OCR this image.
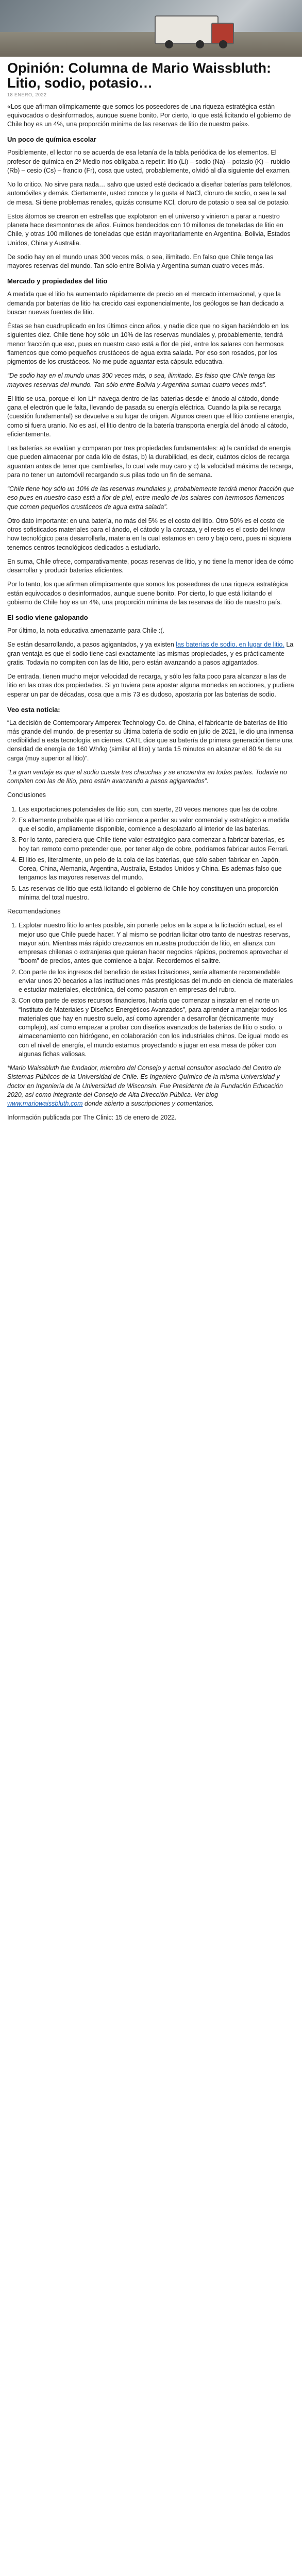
Opinión: Columna de Mario Waissbluth: Litio, sodio, potasio…
18 ENERO, 2022

«Los que afirman olímpicamente que somos los poseedores de una riqueza estratégica están equivocados o desinformados, aunque suene bonito. Por cierto, lo que está licitando el gobierno de Chile hoy es un 4%, una proporción mínima de las reservas de litio de nuestro país».

Un poco de química escolar

Posiblemente, el lector no se acuerda de esa letanía de la tabla periódica de los elementos. El profesor de química en 2º Medio nos obligaba a repetir: litio (Li) – sodio (Na) – potasio (K) – rubidio (Rb) – cesio (Cs) – francio (Fr), cosa que usted, probablemente, olvidó al día siguiente del examen.

No lo critico. No sirve para nada… salvo que usted esté dedicado a diseñar baterías para teléfonos, automóviles y demás. Ciertamente, usted conoce y le gusta el NaCl, cloruro de sodio, o sea la sal de mesa. Si tiene problemas renales, quizás consume KCl, cloruro de potasio o sea sal de potasio.

Estos átomos se crearon en estrellas que explotaron en el universo y vinieron a parar a nuestro planeta hace desmontones de años. Fuimos bendecidos con 10 millones de toneladas de litio en Chile, y otras 100 millones de toneladas que están mayoritariamente en Argentina, Bolivia, Estados Unidos, China y Australia.

De sodio hay en el mundo unas 300 veces más, o sea, ilimitado. En falso que Chile tenga las mayores reservas del mundo. Tan sólo entre Bolivia y Argentina suman cuatro veces más.

Mercado y propiedades del litio

A medida que el litio ha aumentado rápidamente de precio en el mercado internacional, y que la demanda por baterías de litio ha crecido casi exponencialmente, los geólogos se han dedicado a buscar nuevas fuentes de litio.

Éstas se han cuadruplicado en los últimos cinco años, y nadie dice que no sigan haciéndolo en los siguientes diez. Chile tiene hoy sólo un 10% de las reservas mundiales y, probablemente, tendrá menor fracción que eso, pues en nuestro caso está a flor de piel, entre los salares con hermosos flamencos que como pequeños crustáceos de agua extra salada. Por eso son rosados, por los pigmentos de los crustáceos. No me pude aguantar esta cápsula educativa.

“De sodio hay en el mundo unas 300 veces más, o sea, ilimitado. Es falso que Chile tenga las mayores reservas del mundo. Tan sólo entre Bolivia y Argentina suman cuatro veces más”.

El litio se usa, porque el Ion Li⁺ navega dentro de las baterías desde el ánodo al cátodo, donde gana el electrón que le falta, llevando de pasada su energía eléctrica. Cuando la pila se recarga (cuestión fundamental) se devuelve a su lugar de origen. Algunos creen que el litio contiene energía, como si fuera uranio. No es así, el litio dentro de la batería transporta energía del ánodo al cátodo, eficientemente.

Las baterías se evalúan y comparan por tres propiedades fundamentales: a) la cantidad de energía que pueden almacenar por cada kilo de éstas, b) la durabilidad, es decir, cuántos ciclos de recarga aguantan antes de tener que cambiarlas, lo cual vale muy caro y c) la velocidad máxima de recarga, para no tener un automóvil recargando sus pilas todo un fin de semana.

“Chile tiene hoy sólo un 10% de las reservas mundiales y, probablemente tendrá menor fracción que eso pues en nuestro caso está a flor de piel, entre medio de los salares con hermosos flamencos que comen pequeños crustáceos de agua extra salada”.

Otro dato importante: en una batería, no más del 5% es el costo del litio. Otro 50% es el costo de otros sofisticados materiales para el ánodo, el cátodo y la carcaza, y el resto es el costo del know how tecnológico para desarrollarla, materia en la cual estamos en cero y bajo cero, pues ni siquiera tenemos centros tecnológicos dedicados a estudiarlo.

En suma, Chile ofrece, comparativamente, pocas reservas de litio, y no tiene la menor idea de cómo desarrollar y producir baterías eficientes.

Por lo tanto, los que afirman olímpicamente que somos los poseedores de una riqueza estratégica están equivocados o desinformados, aunque suene bonito. Por cierto, lo que está licitando el gobierno de Chile hoy es un 4%, una proporción mínima de las reservas de litio de nuestro país.

El sodio viene galopando

Por último, la nota educativa amenazante para Chile :(.

Se están desarrollando, a pasos agigantados, y ya existen las baterías de sodio, en lugar de litio. La gran ventaja es que el sodio tiene casi exactamente las mismas propiedades, y es prácticamente gratis. Todavía no compiten con las de litio, pero están avanzando a pasos agigantados.

De entrada, tienen mucho mejor velocidad de recarga, y sólo les falta poco para alcanzar a las de litio en las otras dos propiedades. Si yo tuviera para apostar alguna monedas en acciones, y pudiera esperar un par de décadas, cosa que a mis 73 es dudoso, apostaría por las baterías de sodio.

Veo esta noticia:

“La decisión de Contemporary Amperex Technology Co. de China, el fabricante de baterías de litio más grande del mundo, de presentar su última batería de sodio en julio de 2021, le dio una inmensa credibilidad a esta tecnología en ciernes. CATL dice que su batería de primera generación tiene una densidad de energía de 160 Wh/kg (similar al litio) y tarda 15 minutos en alcanzar el 80 % de su carga (muy superior al litio)”.

“La gran ventaja es que el sodio cuesta tres chauchas y se encuentra en todas partes. Todavía no compiten con las de litio, pero están avanzando a pasos agigantados”.

Conclusiones

1. Las exportaciones potenciales de litio son, con suerte, 20 veces menores que las de cobre.
2. Es altamente probable que el litio comience a perder su valor comercial y estratégico a medida que el sodio, ampliamente disponible, comience a desplazarlo al interior de las baterías.
3. Por lo tanto, pareciera que Chile tiene valor estratégico para comenzar a fabricar baterías, es hoy tan remoto como pretender que, por tener algo de cobre, podríamos fabricar autos Ferrari.
4. El litio es, literalmente, un pelo de la cola de las baterías, que sólo saben fabricar en Japón, Corea, China, Alemania, Argentina, Australia, Estados Unidos y China. Es ademas falso que tengamos las mayores reservas del mundo.
5. Las reservas de litio que está licitando el gobierno de Chile hoy constituyen una proporción mínima del total nuestro.

Recomendaciones

1. Explotar nuestro litio lo antes posible, sin ponerle pelos en la sopa a la licitación actual, es el mejor uso que Chile puede hacer. Y al mismo se podrían licitar otro tanto de nuestras reservas, mayor aún. Mientras más rápido crezcamos en nuestra producción de litio, en alianza con empresas chilenas o extranjeras que quieran hacer negocios rápidos, podremos aprovechar el “boom” de precios, antes que comience a bajar. Recordemos el salitre.
2. Con parte de los ingresos del beneficio de estas licitaciones, sería altamente recomendable enviar unos 20 becarios a las instituciones más prestigiosas del mundo en ciencia de materiales e estudiar materiales, electrónica, del como pasaron en empresas del rubro.
3. Con otra parte de estos recursos financieros, habría que comenzar a instalar en el norte un “Instituto de Materiales y Diseños Energéticos Avanzados”, para aprender a manejar todos los materiales que hay en nuestro suelo, así como aprender a desarrollar (técnicamente muy complejo), así como empezar a probar con diseños avanzados de baterías de litio o sodio, o almacenamiento con hidrógeno, en colaboración con los industriales chinos. De igual modo es con el nivel de energía, el mundo estamos proyectando a jugar en esa mesa de póker con algunas fichas valiosas.

*Mario Waissbluth fue fundador, miembro del Consejo y actual consultor asociado del Centro de Sistemas Públicos de la Universidad de Chile. Es Ingeniero Químico de la misma Universidad y doctor en Ingeniería de la Universidad de Wisconsin. Fue Presidente de la Fundación Educación 2020, así como integrante del Consejo de Alta Dirección Pública. Ver blog www.mariowaissbluth.com donde abierto a suscripciones y comentarios.

Información publicada por The Clinic: 15 de enero de 2022.
